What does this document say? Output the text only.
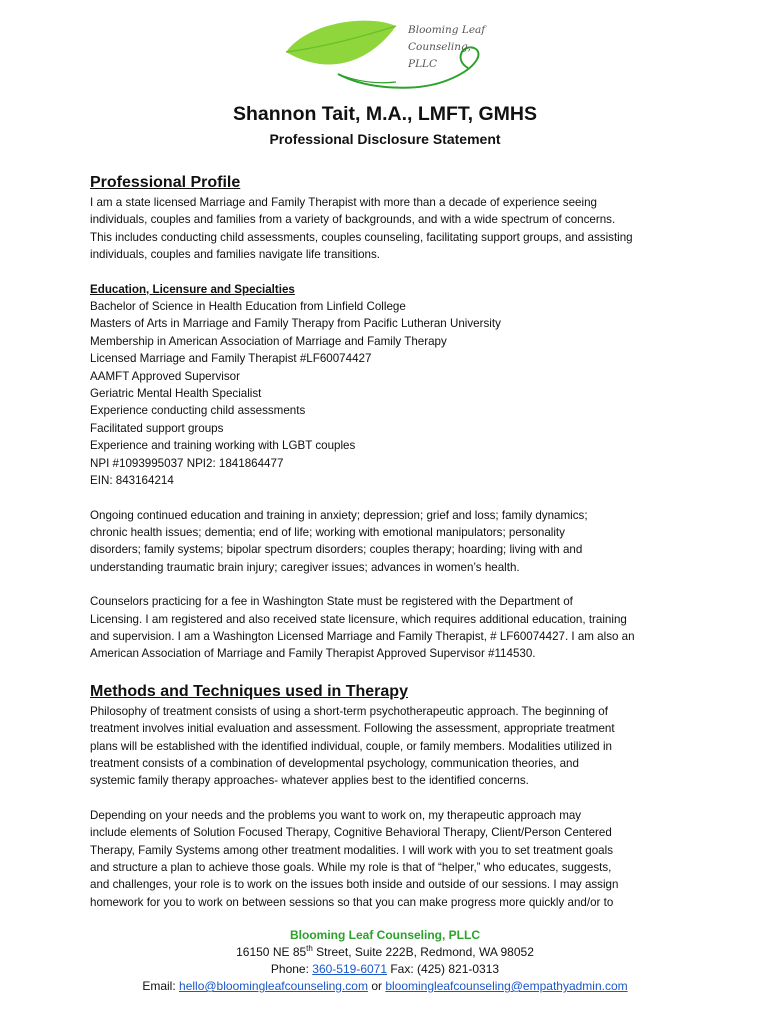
Blooming Leaf
Counseling, PLLC
Shannon Tait, M.A., LMFT, GMHS
Professional Disclosure Statement
Professional Profile

I am a state licensed Marriage and Family Therapist with more than a decade of experience seeing

individuals, couples and families from a variety of backgrounds, and with a wide spectrum of concerns.

This includes conducting child assessments, couples counseling, facilitating support groups, and assisting

individuals, couples and families navigate life transitions.

Education, Licensure and Specialties

Bachelor of Science in Health Education from Linfield College

Masters of Arts in Marriage and Family Therapy from Pacific Lutheran University

Membership in American Association of Marriage and Family Therapy

Licensed Marriage and Family Therapist #LF60074427

AAMFT Approved Supervisor

Geriatric Mental Health Specialist

Experience conducting child assessments

Facilitated support groups

Experience and training working with LGBT couples

NPI #1093995037 NPI2: 1841864477

EIN: 843164214

Ongoing continued education and training in anxiety; depression; grief and loss; family dynamics;

chronic health issues; dementia; end of life; working with emotional manipulators; personality

disorders; family systems; bipolar spectrum disorders; couples therapy; hoarding; living with and

understanding traumatic brain injury; caregiver issues; advances in women’s health.

Counselors practicing for a fee in Washington State must be registered with the Department of

Licensing. I am registered and also received state licensure, which requires additional education, training

and supervision. I am a Washington Licensed Marriage and Family Therapist, # LF60074427. I am also an

American Association of Marriage and Family Therapist Approved Supervisor #114530.

Methods and Techniques used in Therapy

Philosophy of treatment consists of using a short-term psychotherapeutic approach. The beginning of

treatment involves initial evaluation and assessment. Following the assessment, appropriate treatment

plans will be established with the identified individual, couple, or family members. Modalities utilized in

treatment consists of a combination of developmental psychology, communication theories, and

systemic family therapy approaches- whatever applies best to the identified concerns.

Depending on your needs and the problems you want to work on, my therapeutic approach may

include elements of Solution Focused Therapy, Cognitive Behavioral Therapy, Client/Person Centered

Therapy, Family Systems among other treatment modalities. I will work with you to set treatment goals

and structure a plan to achieve those goals. While my role is that of “helper,” who educates, suggests,

and challenges, your role is to work on the issues both inside and outside of our sessions. I may assign

homework for you to work on between sessions so that you can make progress more quickly and/or to

Blooming Leaf Counseling, PLLC
16150 NE 85th Street, Suite 222B, Redmond, WA 98052
Phone: 360-519-6071 Fax: (425) 821-0313
Email: hello@bloomingleafcounseling.com or bloomingleafcounseling@empathyadmin.com
